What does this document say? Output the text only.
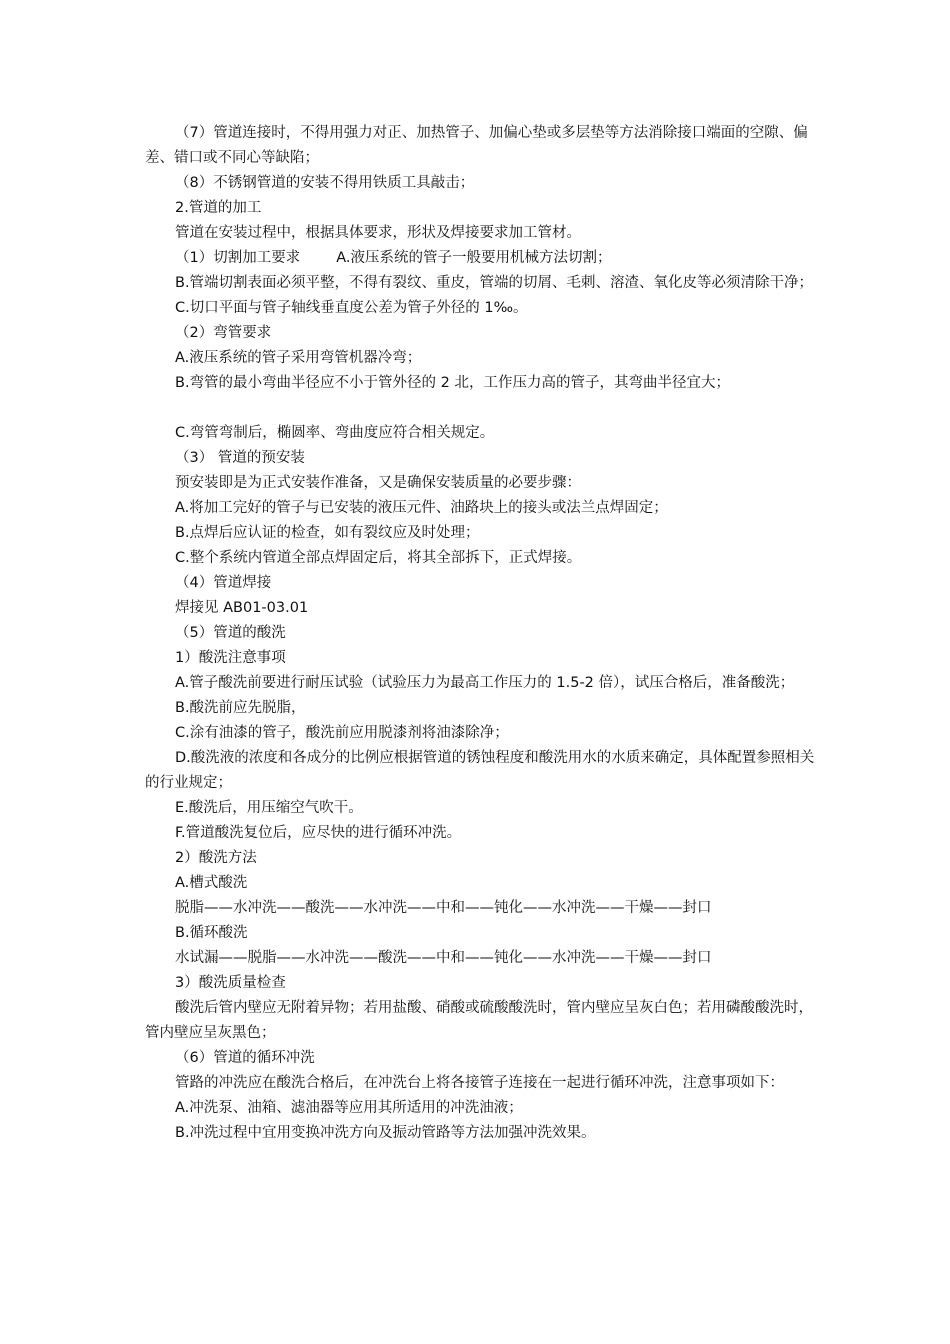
（7）管道连接时，不得用强力对正、加热管子、加偏心垫或多层垫等方法消除接口端面的空隙、偏差、错口或不同心等缺陷；

（8）不锈钢管道的安装不得用铁质工具敲击；

2.管道的加工

管道在安装过程中，根据具体要求，形状及焊接要求加工管材。

（1）切割加工要求 A.液压系统的管子一般要用机械方法切割；

B.管端切割表面必须平整，不得有裂纹、重皮，管端的切屑、毛刺、溶渣、氧化皮等必须清除干净；

C.切口平面与管子轴线垂直度公差为管子外径的 1‰。

（2）弯管要求

A.液压系统的管子采用弯管机器冷弯；

B.弯管的最小弯曲半径应不小于管外径的 2 北，工作压力高的管子，其弯曲半径宜大；

C.弯管弯制后，椭圆率、弯曲度应符合相关规定。

（3） 管道的预安装

预安装即是为正式安装作准备，又是确保安装质量的必要步骤：

A.将加工完好的管子与已安装的液压元件、油路块上的接头或法兰点焊固定；

B.点焊后应认证的检查，如有裂纹应及时处理；

C.整个系统内管道全部点焊固定后，将其全部拆下，正式焊接。

（4）管道焊接

焊接见 AB01-03.01

（5）管道的酸洗

1）酸洗注意事项

A.管子酸洗前要进行耐压试验（试验压力为最高工作压力的 1.5-2 倍），试压合格后，准备酸洗；

B.酸洗前应先脱脂，

C.涂有油漆的管子，酸洗前应用脱漆剂将油漆除净；

D.酸洗液的浓度和各成分的比例应根据管道的锈蚀程度和酸洗用水的水质来确定，具体配置参照相关的行业规定；

E.酸洗后，用压缩空气吹干。

F.管道酸洗复位后，应尽快的进行循环冲洗。

2）酸洗方法

A.槽式酸洗

脱脂——水冲洗——酸洗——水冲洗——中和——钝化——水冲洗——干燥——封口

B.循环酸洗

水试漏——脱脂——水冲洗——酸洗——中和——钝化——水冲洗——干燥——封口

3）酸洗质量检查

酸洗后管内壁应无附着异物；若用盐酸、硝酸或硫酸酸洗时，管内壁应呈灰白色；若用磷酸酸洗时，管内壁应呈灰黑色；

（6）管道的循环冲洗

管路的冲洗应在酸洗合格后，在冲洗台上将各接管子连接在一起进行循环冲洗，注意事项如下：

A.冲洗泵、油箱、滤油器等应用其所适用的冲洗油液；

B.冲洗过程中宜用变换冲洗方向及振动管路等方法加强冲洗效果。
